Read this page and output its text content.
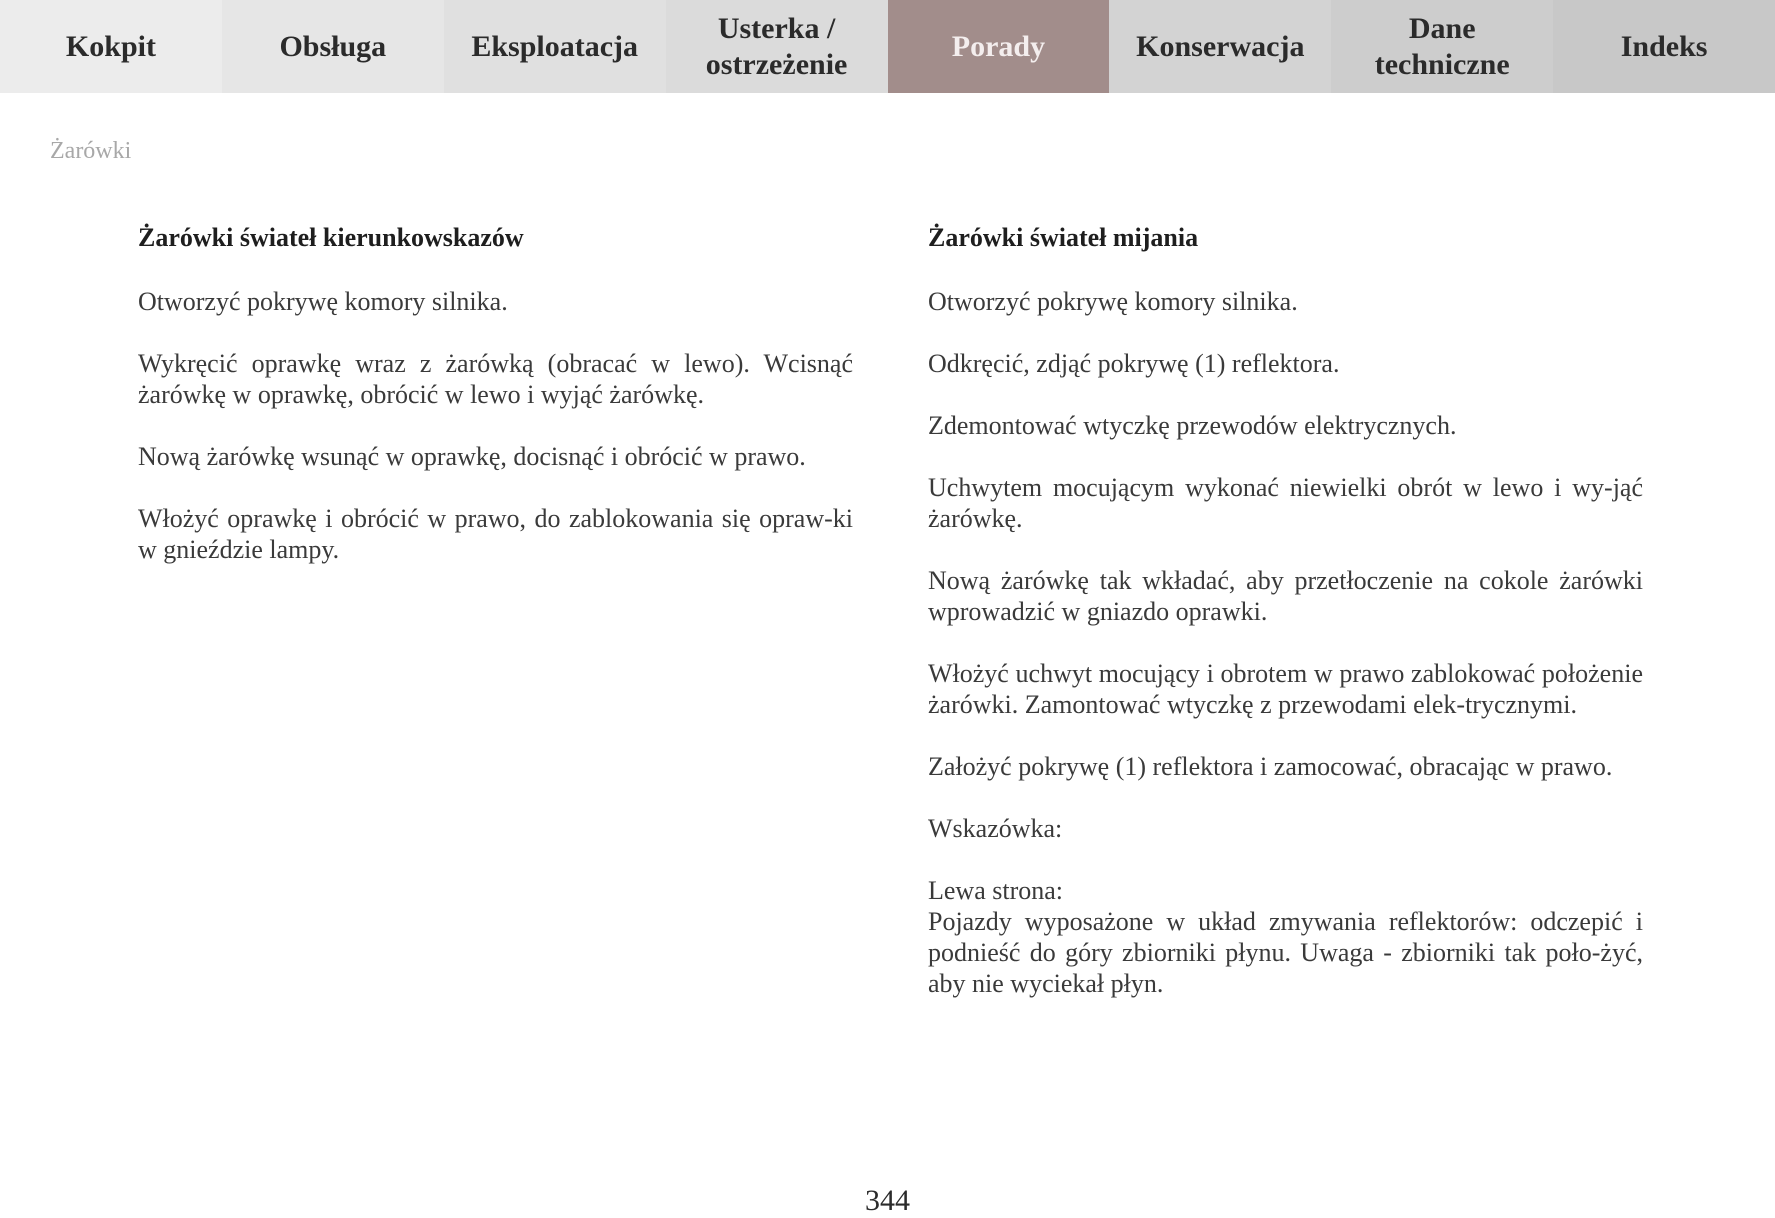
Kokpit	Obsługa	Eksploatacja
Usterka /
ostrzeżenie
Porady	Konserwacja
Dane
techniczne
Indeks
Żarówki
Żarówki świateł kierunkowskazów

Otworzyć pokrywę komory silnika.

Wykręcić oprawkę wraz z żarówką (obracać w lewo). Wcisnąć żarówkę w oprawkę, obrócić w lewo i wyjąć żarówkę.

Nową żarówkę wsunąć w oprawkę, docisnąć i obrócić w prawo.

Włożyć oprawkę i obrócić w prawo, do zablokowania się opraw-ki w gnieździe lampy.

Żarówki świateł mijania

Otworzyć pokrywę komory silnika.

Odkręcić, zdjąć pokrywę (1) reflektora.

Zdemontować wtyczkę przewodów elektrycznych.

Uchwytem mocującym wykonać niewielki obrót w lewo i wy-jąć żarówkę.

Nową żarówkę tak wkładać, aby przetłoczenie na cokole żarówki wprowadzić w gniazdo oprawki.

Włożyć uchwyt mocujący i obrotem w prawo zablokować położenie żarówki. Zamontować wtyczkę z przewodami elek-trycznymi.

Założyć pokrywę (1) reflektora i zamocować, obracając w prawo.

Wskazówka:

Lewa strona:

Pojazdy wyposażone w układ zmywania reflektorów: odczepić i podnieść do góry zbiorniki płynu. Uwaga - zbiorniki tak poło-żyć, aby nie wyciekał płyn.

344
